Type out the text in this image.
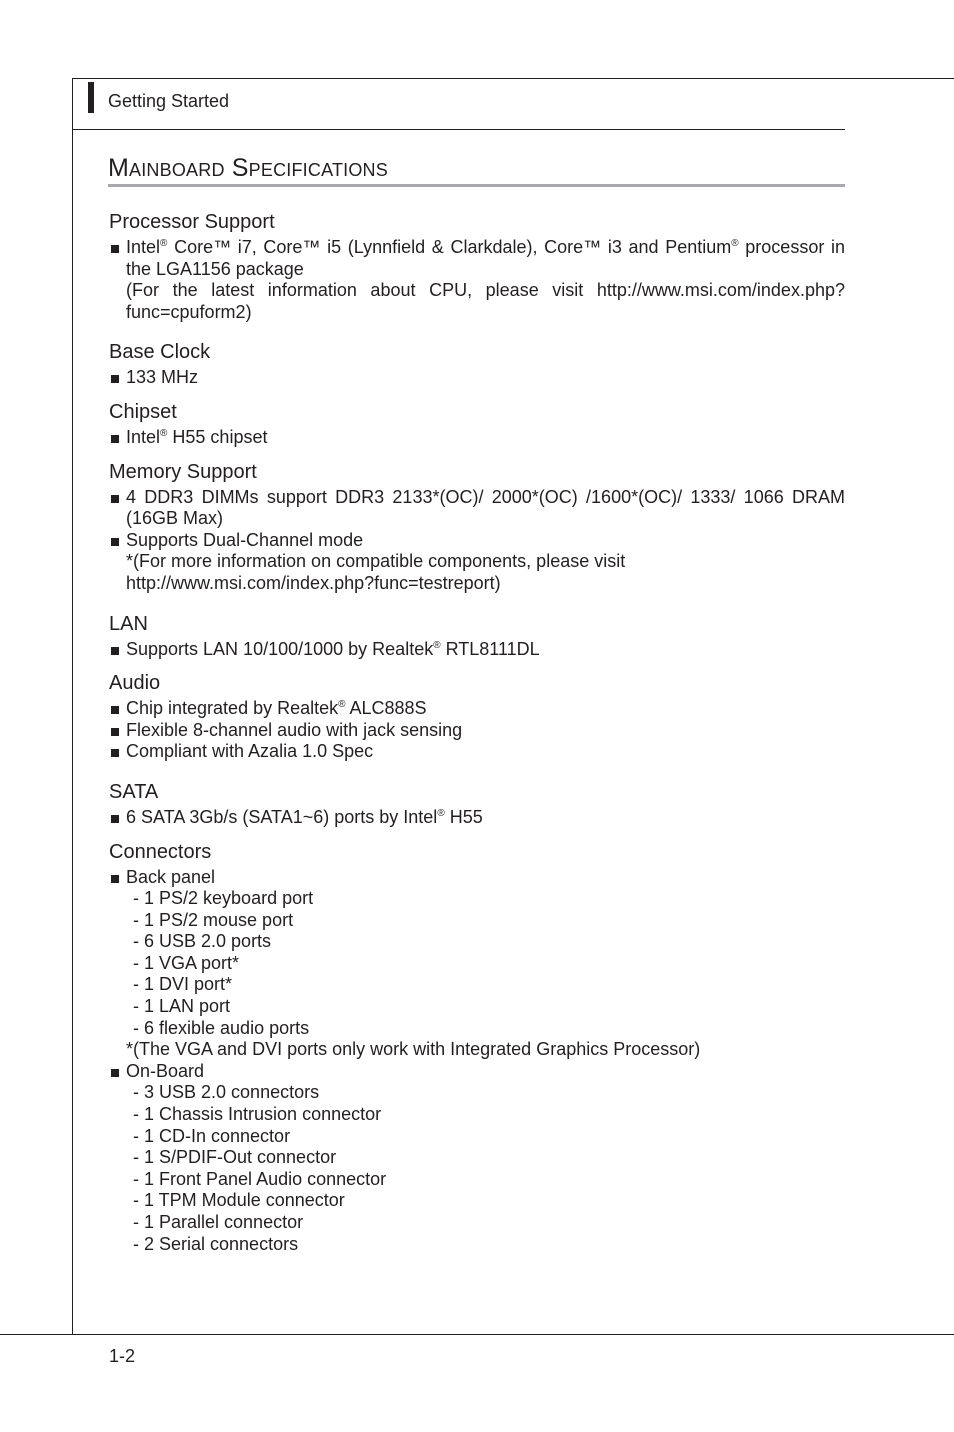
Getting Started
Mainboard Specifications
Processor Support
Intel® Core™ i7, Core™ i5 (Lynnfield & Clarkdale), Core™ i3 and Pentium® processor in the LGA1156 package
(For the latest information about CPU, please visit http://www.msi.com/index.php?func=cpuform2)
Base Clock
133 MHz
Chipset
Intel® H55 chipset
Memory Support
4 DDR3 DIMMs support DDR3 2133*(OC)/ 2000*(OC) /1600*(OC)/ 1333/ 1066 DRAM (16GB Max)
Supports Dual-Channel mode
*(For more information on compatible components, please visit
http://www.msi.com/index.php?func=testreport)
LAN
Supports LAN 10/100/1000 by Realtek® RTL8111DL
Audio
Chip integrated by Realtek® ALC888S
Flexible 8-channel audio with jack sensing
Compliant with Azalia 1.0 Spec
SATA
6 SATA 3Gb/s (SATA1~6) ports by Intel® H55
Connectors
Back panel
- 1 PS/2 keyboard port
- 1 PS/2 mouse port
- 6 USB 2.0 ports
- 1 VGA port*
- 1 DVI port*
- 1 LAN port
- 6 flexible audio ports
*(The VGA and DVI ports only work with Integrated Graphics Processor)
On-Board
- 3 USB 2.0 connectors
- 1 Chassis Intrusion connector
- 1 CD-In connector
- 1 S/PDIF-Out connector
- 1 Front Panel Audio connector
- 1 TPM Module connector
- 1 Parallel connector
- 2 Serial connectors
1-2
